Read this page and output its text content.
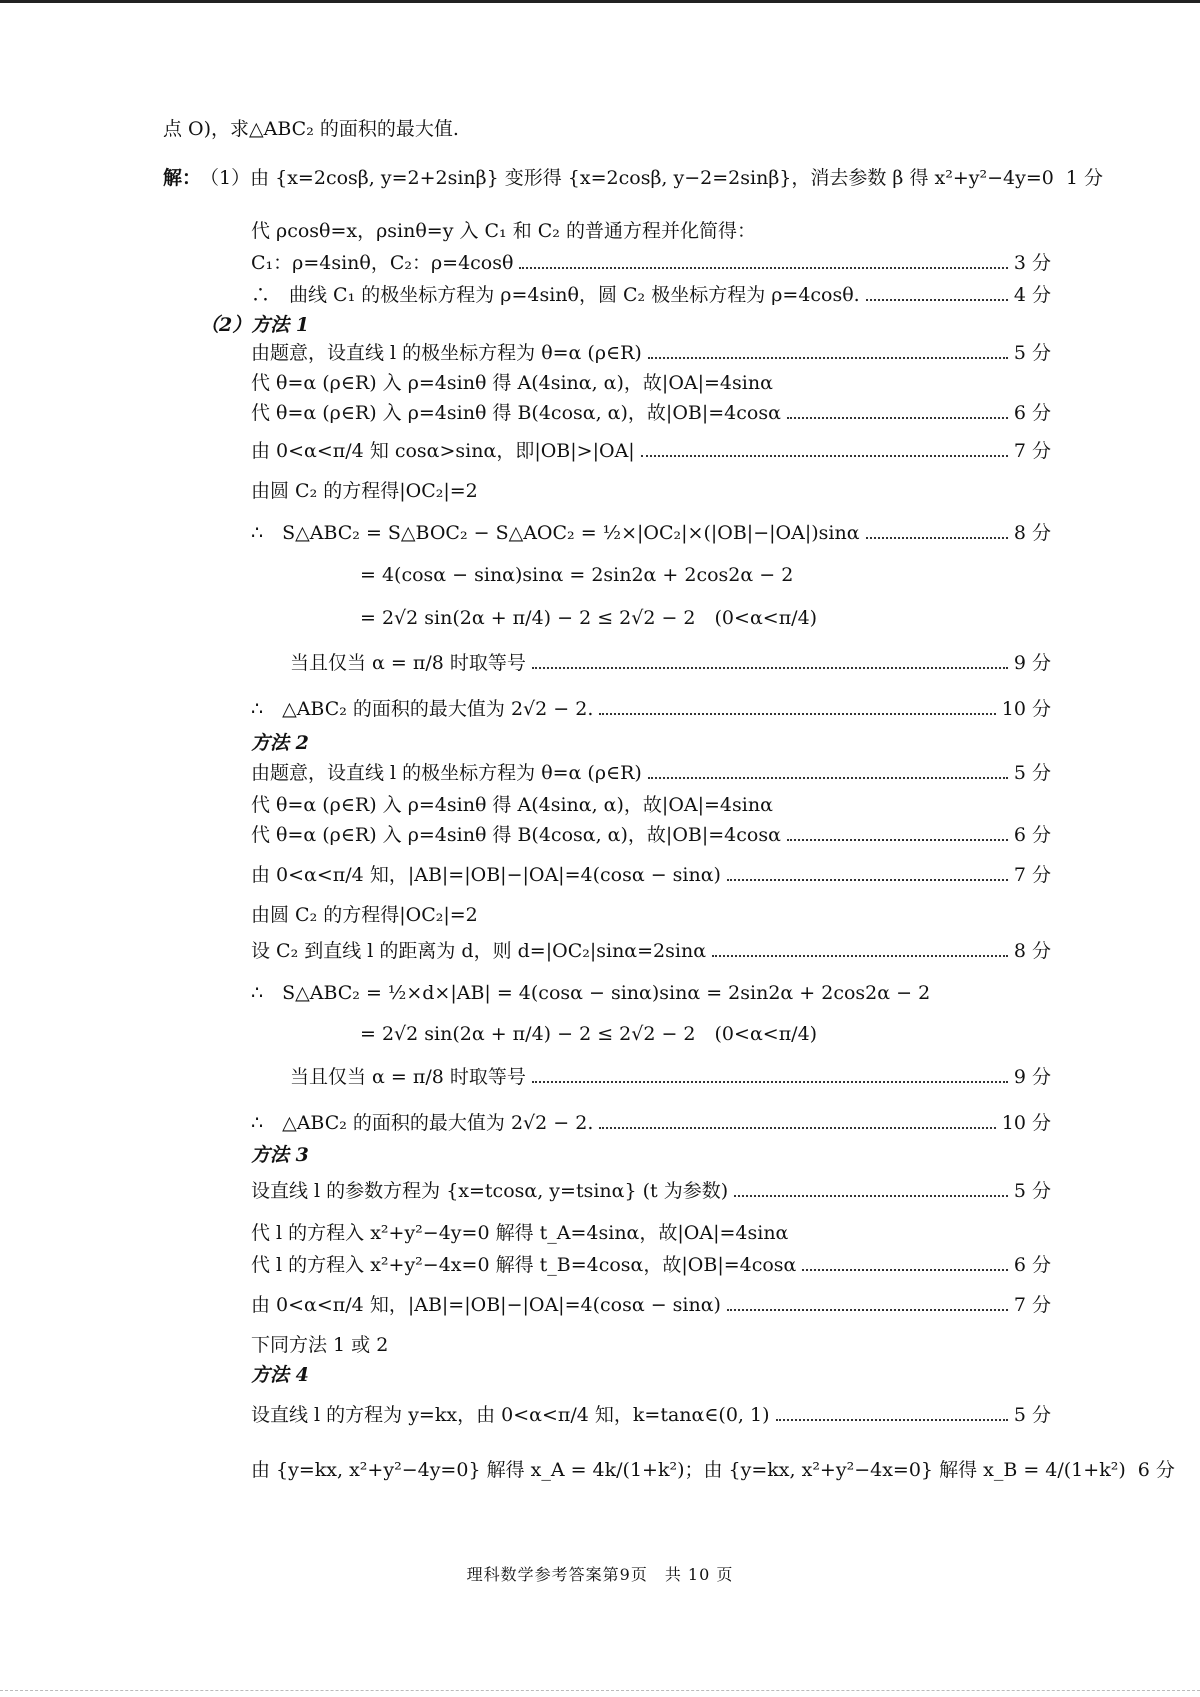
点 O)，求△ABC₂ 的面积的最大值.
解：
（1）由 {x=2cosβ, y=2+2sinβ} 变形得 {x=2cosβ, y−2=2sinβ}，消去参数 β 得 x²+y²−4y=0 1 分
代 ρcosθ=x，ρsinθ=y 入 C₁ 和 C₂ 的普通方程并化简得：
C₁：ρ=4sinθ，C₂：ρ=4cosθ	3 分
∴　曲线 C₁ 的极坐标方程为 ρ=4sinθ，圆 C₂ 极坐标方程为 ρ=4cosθ.	4 分
（2）方法 1
由题意，设直线 l 的极坐标方程为 θ=α (ρ∈R)	5 分
代 θ=α (ρ∈R) 入 ρ=4sinθ 得 A(4sinα, α)，故|OA|=4sinα
代 θ=α (ρ∈R) 入 ρ=4sinθ 得 B(4cosα, α)，故|OB|=4cosα	6 分
由 0<α<π/4 知 cosα>sinα，即|OB|>|OA|	7 分
由圆 C₂ 的方程得|OC₂|=2
∴　S△ABC₂ = S△BOC₂ − S△AOC₂ = ½×|OC₂|×(|OB|−|OA|)sinα	8 分
= 4(cosα − sinα)sinα = 2sin2α + 2cos2α − 2
= 2√2 sin(2α + π/4) − 2 ≤ 2√2 − 2　(0<α<π/4)
当且仅当 α = π/8 时取等号	9 分
∴　△ABC₂ 的面积的最大值为 2√2 − 2.	10 分
方法 2
由题意，设直线 l 的极坐标方程为 θ=α (ρ∈R)	5 分
代 θ=α (ρ∈R) 入 ρ=4sinθ 得 A(4sinα, α)，故|OA|=4sinα
代 θ=α (ρ∈R) 入 ρ=4sinθ 得 B(4cosα, α)，故|OB|=4cosα	6 分
由 0<α<π/4 知，|AB|=|OB|−|OA|=4(cosα − sinα)	7 分
由圆 C₂ 的方程得|OC₂|=2
设 C₂ 到直线 l 的距离为 d，则 d=|OC₂|sinα=2sinα	8 分
∴　S△ABC₂ = ½×d×|AB| = 4(cosα − sinα)sinα = 2sin2α + 2cos2α − 2
= 2√2 sin(2α + π/4) − 2 ≤ 2√2 − 2　(0<α<π/4)
当且仅当 α = π/8 时取等号	9 分
∴　△ABC₂ 的面积的最大值为 2√2 − 2.	10 分
方法 3
设直线 l 的参数方程为 {x=tcosα, y=tsinα} (t 为参数)	5 分
代 l 的方程入 x²+y²−4y=0 解得 t_A=4sinα，故|OA|=4sinα
代 l 的方程入 x²+y²−4x=0 解得 t_B=4cosα，故|OB|=4cosα	6 分
由 0<α<π/4 知，|AB|=|OB|−|OA|=4(cosα − sinα)	7 分
下同方法 1 或 2
方法 4
设直线 l 的方程为 y=kx，由 0<α<π/4 知，k=tanα∈(0, 1)	5 分
由 {y=kx, x²+y²−4y=0} 解得 x_A = 4k/(1+k²)；由 {y=kx, x²+y²−4x=0} 解得 x_B = 4/(1+k²) 6 分
理科数学参考答案第9页　共 10 页
